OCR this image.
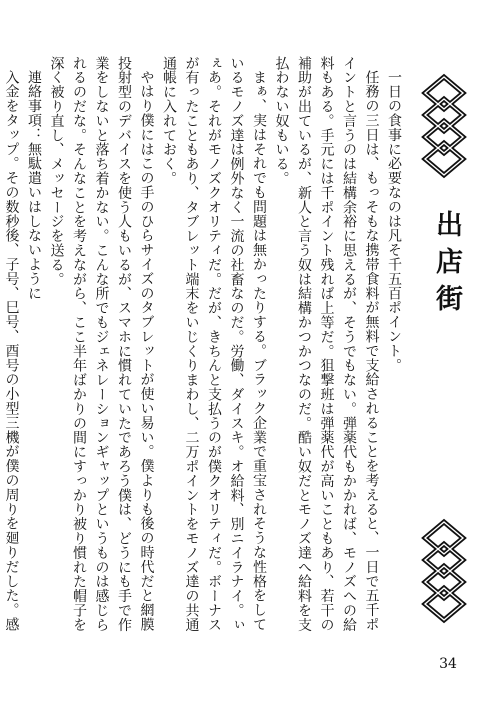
一日の食事に必要なのは凡そ千五百ポイント。

任務の三日は、もっそもな携帯食料が無料で支給されることを考えると、一日で五千ポイントと言うのは結構余裕に思えるが、そうでもない。弾薬代もかかれば、モノズへの給料もある。手元には千ポイント残れば上等だ。狙撃班は弾薬代が高いこともあり、若干の補助が出ているが、新人と言う奴は結構かつかつなのだ。酷い奴だとモノズ達へ給料を支払わない奴もいる。

まぁ、実はそれでも問題は無かったりする。ブラック企業で重宝されそうな性格をしているモノズ達は例外なく一流の社畜なのだ。労働、ダイスキ。オ給料、別ニイラナイ。ぃぇあ。それがモノズクオリティだ。だが、きちんと支払うのが僕クオリティだ。ボーナスが有ったこともあり、タブレット端末をいじくりまわし、二万ポイントをモノズ達の共通通帳に入れておく。

やはり僕にはこの手のひらサイズのタブレットが使い易い。僕よりも後の時代だと網膜投射型のデバイスを使う人もいるが、スマホに慣れていたであろう僕は、どうにも手で作業をしないと落ち着かない。こんな所でもジェネレーションギャップというものは感じられるのだな。そんなことを考えながら、ここ半年ばかりの間にすっかり被り慣れた帽子を深く被り直し、メッセージを送る。

連絡事項：無駄遣いはしないように

入金をタップ。その数秒後、子号、巳号、酉号の小型三機が僕の周りを廻りだした。感

出店街
34
